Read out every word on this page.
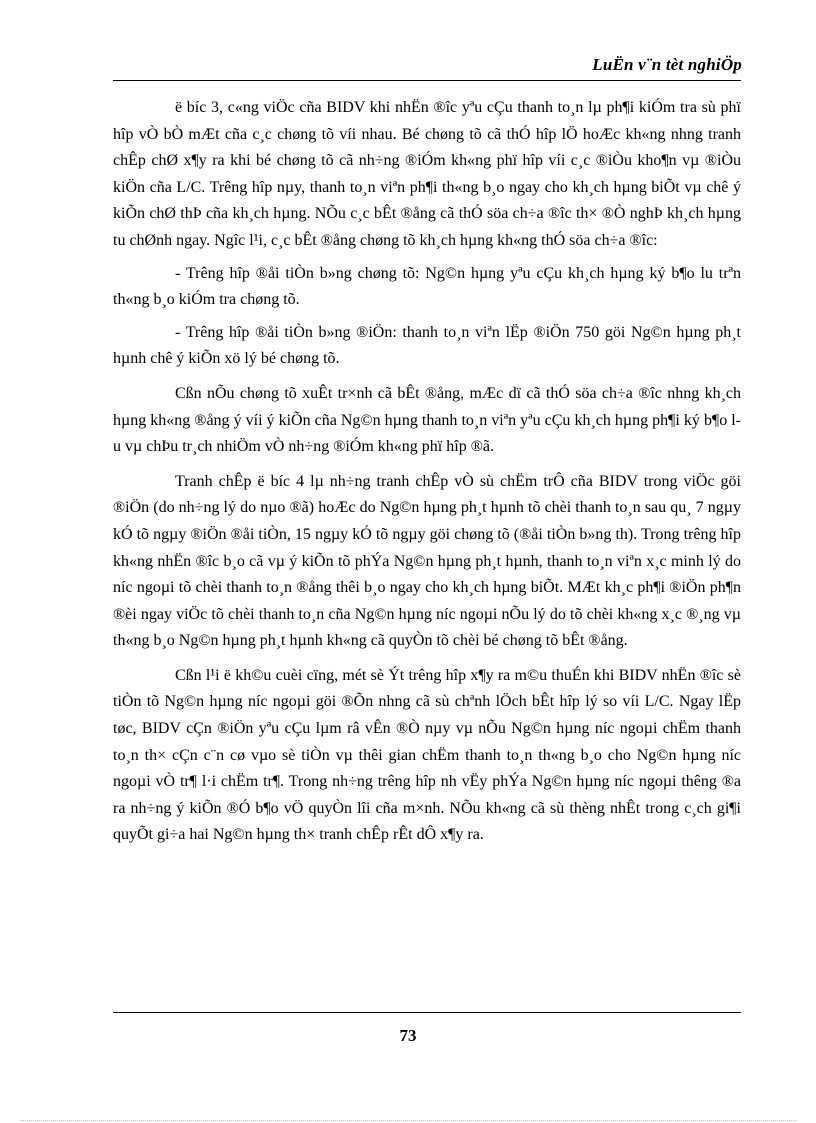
LuËn v¨n tèt nghiÖp

ë bíc 3, c«ng viÖc cña BIDV khi nhËn ®îc yªu cÇu thanh to¸n lµ ph¶i kiÓm tra sù phï hîp vÒ bÒ mÆt cña c¸c chøng tõ víi nhau. Bé chøng tõ cã thÓ hîp lÖ hoÆc kh«ng nhng tranh chÊp chØ x¶y ra khi bé chøng tõ cã nh÷ng ®iÓm kh«ng phï hîp víi c¸c ®iÒu kho¶n vµ ®iÒu kiÖn cña L/C. Trêng hîp nµy, thanh to¸n viªn ph¶i th«ng b¸o ngay cho kh¸ch hµng biÕt vµ chê ý kiÕn chØ thÞ cña kh¸ch hµng. NÕu c¸c bÊt ®ång cã thÓ söa ch÷a ®îc th× ®Ò nghÞ kh¸ch hµng tu chØnh ngay. Ngîc l¹i, c¸c bÊt ®ång chøng tõ kh¸ch hµng kh«ng thÓ söa ch÷a ®îc:

- Trêng hîp ®åi tiÒn b»ng chøng tõ: Ng©n hµng yªu cÇu kh¸ch hµng ký b¶o lu trªn th«ng b¸o kiÓm tra chøng tõ.

- Trêng hîp ®åi tiÒn b»ng ®iÖn: thanh to¸n viªn lËp ®iÖn 750 göi Ng©n hµng ph¸t hµnh chê ý kiÕn xö lý bé chøng tõ.

Cßn nÕu chøng tõ xuÊt tr×nh cã bÊt ®ång, mÆc dï cã thÓ söa ch÷a ®îc nhng kh¸ch hµng kh«ng ®ång ý víi ý kiÕn cña Ng©n hµng thanh to¸n viªn yªu cÇu kh¸ch hµng ph¶i ký b¶o lu vµ chÞu tr¸ch nhiÖm vÒ nh÷ng ®iÓm kh«ng phï hîp ®ã.

Tranh chÊp ë bíc 4 lµ nh÷ng tranh chÊp vÒ sù chËm trÔ cña BIDV trong viÖc göi ®iÖn (do nh÷ng lý do nµo ®ã) hoÆc do Ng©n hµng ph¸t hµnh tõ chèi thanh to¸n sau qu¸ 7 ngµy kÓ tõ ngµy ®iÖn ®åi tiÒn, 15 ngµy kÓ tõ ngµy göi chøng tõ (®åi tiÒn b»ng th). Trong trêng hîp kh«ng nhËn ®îc b¸o cã vµ ý kiÕn tõ phÝa Ng©n hµng ph¸t hµnh, thanh to¸n viªn x¸c minh lý do níc ngoµi tõ chèi thanh to¸n ®ång thêi b¸o ngay cho kh¸ch hµng biÕt. MÆt kh¸c ph¶i ®iÖn ph¶n ®èi ngay viÖc tõ chèi thanh to¸n cña Ng©n hµng níc ngoµi nÕu lý do tõ chèi kh«ng x¸c ®¸ng vµ th«ng b¸o Ng©n hµng ph¸t hµnh kh«ng cã quyÒn tõ chèi bé chøng tõ bÊt ®ång.

Cßn l¹i ë kh©u cuèi cïng, mét sè Ýt trêng hîp x¶y ra m©u thuÉn khi BIDV nhËn ®îc sè tiÒn tõ Ng©n hµng níc ngoµi göi ®Õn nhng cã sù chªnh lÖch bÊt hîp lý so víi L/C. Ngay lËp tøc, BIDV cÇn ®iÖn yªu cÇu lµm râ vÊn ®Ò nµy vµ nÕu Ng©n hµng níc ngoµi chËm thanh to¸n th× cÇn c¨n cø vµo sè tiÒn vµ thêi gian chËm thanh to¸n th«ng b¸o cho Ng©n hµng níc ngoµi vÒ tr¶ l·i chËm tr¶. Trong nh÷ng trêng hîp nh vËy phÝa Ng©n hµng níc ngoµi thêng ®a ra nh÷ng ý kiÕn ®Ó b¶o vÖ quyÒn lîi cña m×nh. NÕu kh«ng cã sù thèng nhÊt trong c¸ch gi¶i quyÕt gi÷a hai Ng©n hµng th× tranh chÊp rÊt dÔ x¶y ra.

73
